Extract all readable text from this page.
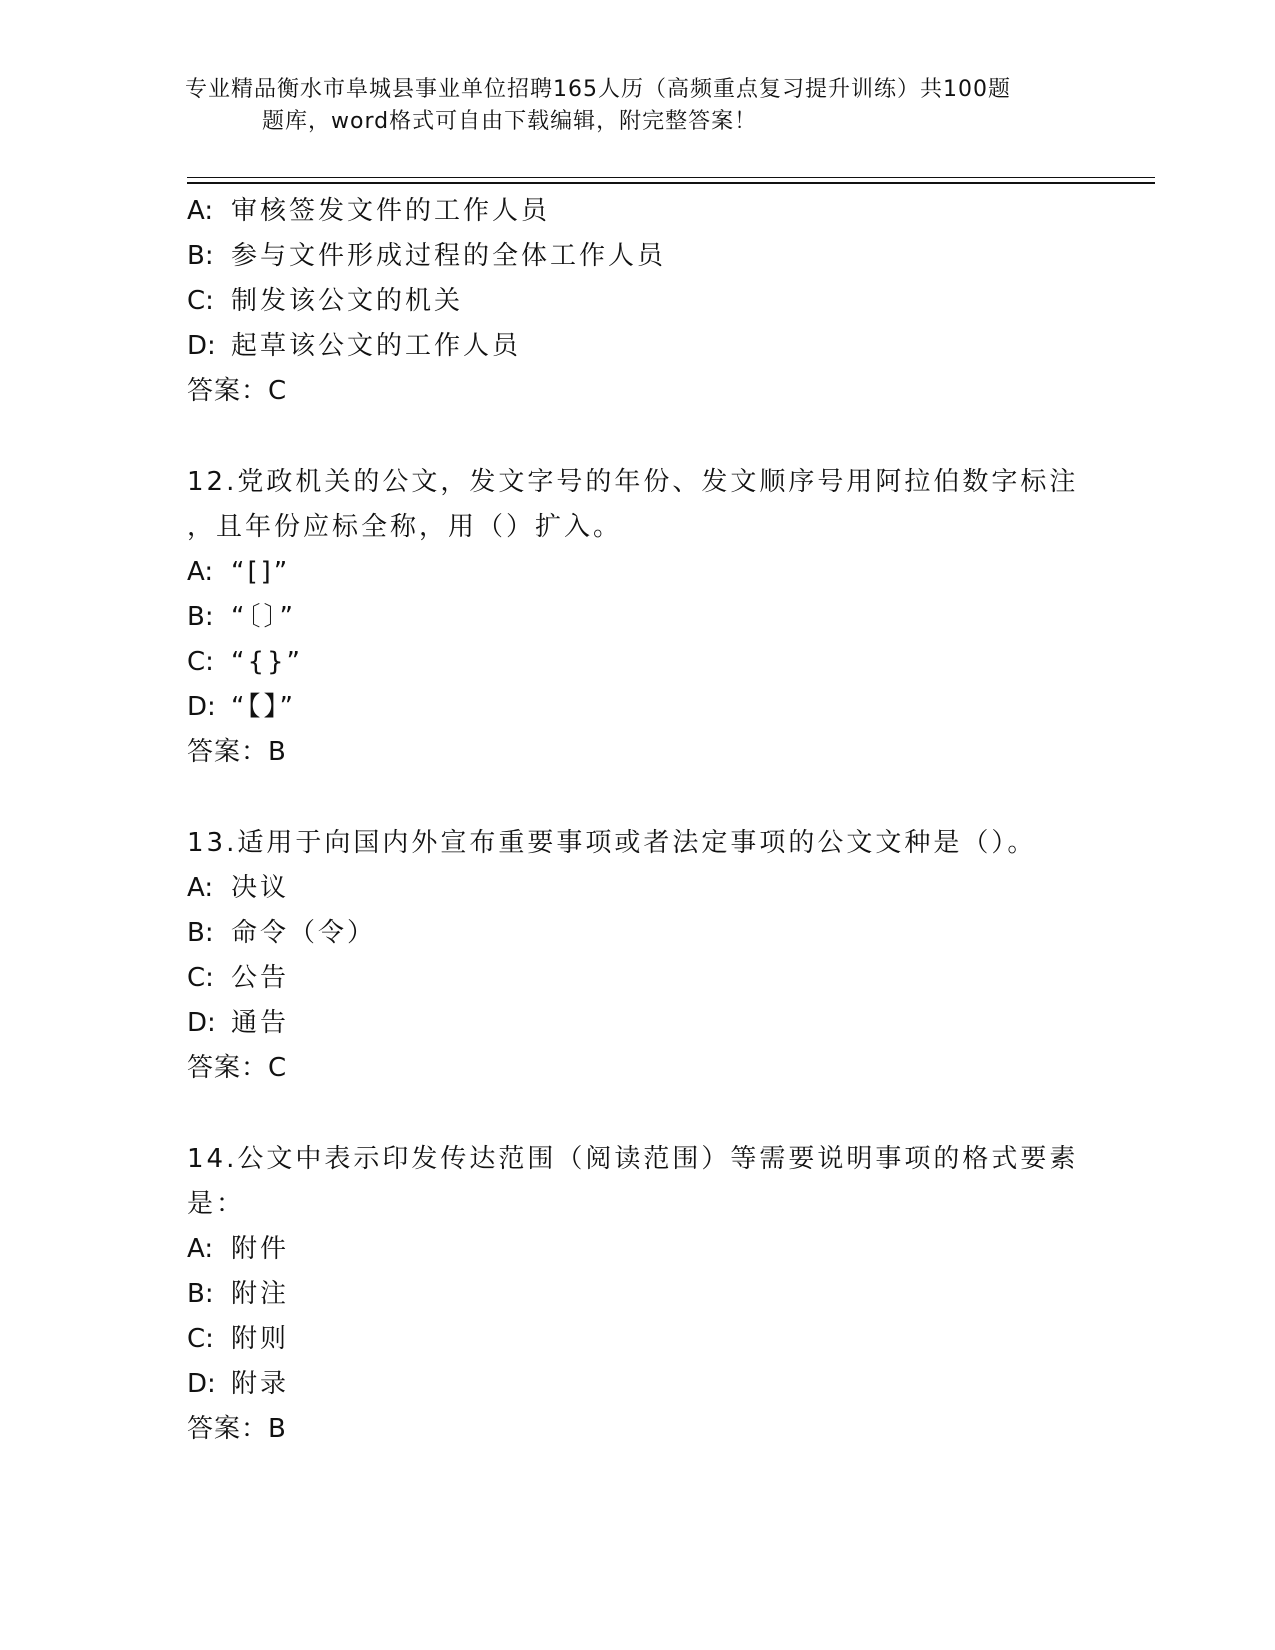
专业精品衡水市阜城县事业单位招聘165人历（高频重点复习提升训练）共100题
题库，word格式可自由下载编辑，附完整答案！
A: 审核签发文件的工作人员
B: 参与文件形成过程的全体工作人员
C: 制发该公文的机关
D: 起草该公文的工作人员
答案：C
12.党政机关的公文，发文字号的年份、发文顺序号用阿拉伯数字标注
，且年份应标全称，用（）扩入。
A: “[]”
B: “〔〕”
C: “{}”
D: “【】”
答案：B
13.适用于向国内外宣布重要事项或者法定事项的公文文种是（）。
A: 决议
B: 命令（令）
C: 公告
D: 通告
答案：C
14.公文中表示印发传达范围（阅读范围）等需要说明事项的格式要素
是：
A: 附件
B: 附注
C: 附则
D: 附录
答案：B
